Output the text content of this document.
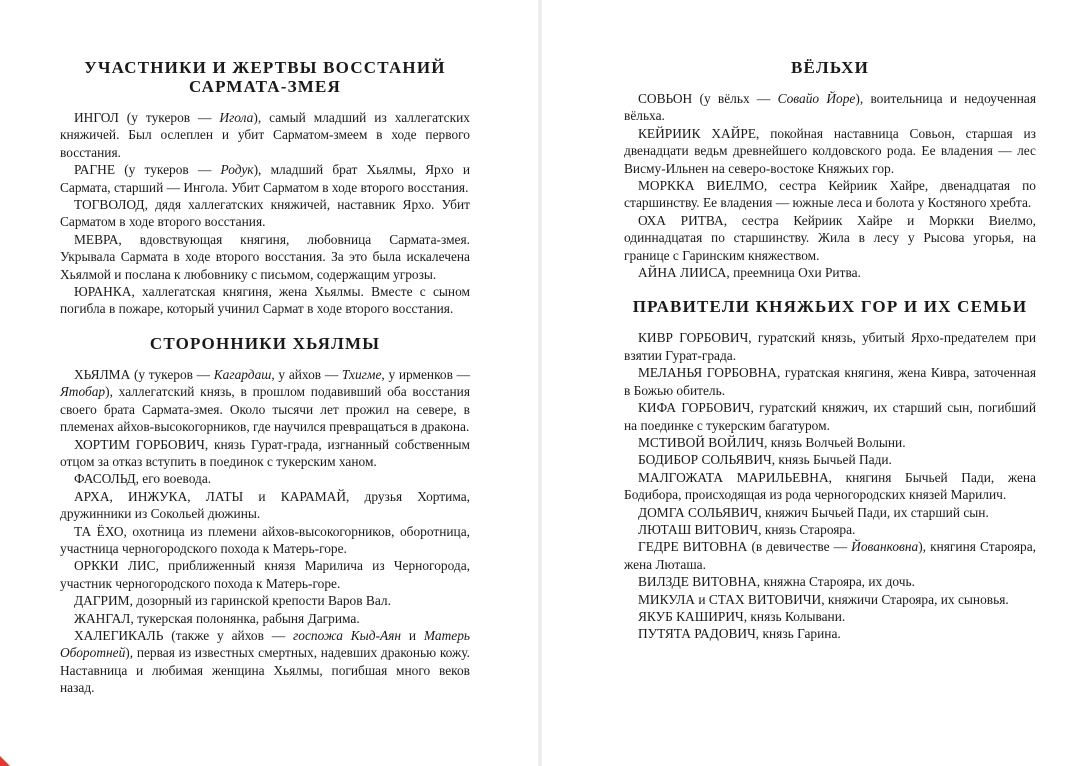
УЧАСТНИКИ И ЖЕРТВЫ ВОССТАНИЙ САРМАТА-ЗМЕЯ

ИНГОЛ (у тукеров — Игола), самый младший из халлегатских княжичей. Был ослеплен и убит Сарматом-змеем в ходе первого восстания.

РАГНЕ (у тукеров — Родук), младший брат Хьялмы, Ярхо и Сармата, старший — Ингола. Убит Сарматом в ходе второго восстания.

ТОГВОЛОД, дядя халлегатских княжичей, наставник Ярхо. Убит Сарматом в ходе второго восстания.

МЕВРА, вдовствующая княгиня, любовница Сармата-змея. Укрывала Сармата в ходе второго восстания. За это была искалечена Хьялмой и послана к любовнику с письмом, содержащим угрозы.

ЮРАНКА, халлегатская княгиня, жена Хьялмы. Вместе с сыном погибла в пожаре, который учинил Сармат в ходе второго восстания.

СТОРОННИКИ ХЬЯЛМЫ

ХЬЯЛМА (у тукеров — Кагардаш, у айхов — Тхигме, у ирменков — Ятобар), халлегатский князь, в прошлом подавивший оба восстания своего брата Сармата-змея. Около тысячи лет прожил на севере, в племенах айхов-высокогорников, где научился превращаться в дракона.

ХОРТИМ ГОРБОВИЧ, князь Гурат-града, изгнанный собственным отцом за отказ вступить в поединок с тукерским ханом.

ФАСОЛЬД, его воевода.

АРХА, ИНЖУКА, ЛАТЫ и КАРАМАЙ, друзья Хортима, дружинники из Сокольей дюжины.

ТА ЁХО, охотница из племени айхов-высокогорников, оборотница, участница черногородского похода к Матерь-горе.

ОРККИ ЛИС, приближенный князя Марилича из Черногорода, участник черногородского похода к Матерь-горе.

ДАГРИМ, дозорный из гаринской крепости Варов Вал.

ЖАНГАЛ, тукерская полонянка, рабыня Дагрима.

ХАЛЕГИКАЛЬ (также у айхов — госпожа Кыд-Аян и Матерь Оборотней), первая из известных смертных, надевших драконью кожу. Наставница и любимая женщина Хьялмы, погибшая много веков назад.

ВЁЛЬХИ

СОВЬОН (у вёльх — Совайо Йоре), воительница и недоученная вёльха.

КЕЙРИИК ХАЙРЕ, покойная наставница Совьон, старшая из двенадцати ведьм древнейшего колдовского рода. Ее владения — лес Висму-Ильнен на северо-востоке Княжьих гор.

МОРККА ВИЕЛМО, сестра Кейриик Хайре, двенадцатая по старшинству. Ее владения — южные леса и болота у Костяного хребта.

ОХА РИТВА, сестра Кейриик Хайре и Моркки Виелмо, одиннадцатая по старшинству. Жила в лесу у Рысова угорья, на границе с Гаринским княжеством.

АЙНА ЛИИСА, преемница Охи Ритва.

ПРАВИТЕЛИ КНЯЖЬИХ ГОР И ИХ СЕМЬИ

КИВР ГОРБОВИЧ, гуратский князь, убитый Ярхо-предателем при взятии Гурат-града.

МЕЛАНЬЯ ГОРБОВНА, гуратская княгиня, жена Кивра, заточенная в Божью обитель.

КИФА ГОРБОВИЧ, гуратский княжич, их старший сын, погибший на поединке с тукерским багатуром.

МСТИВОЙ ВОЙЛИЧ, князь Волчьей Волыни.

БОДИБОР СОЛЬЯВИЧ, князь Бычьей Пади.

МАЛГОЖАТА МАРИЛЬЕВНА, княгиня Бычьей Пади, жена Бодибора, происходящая из рода черногородских князей Марилич.

ДОМГА СОЛЬЯВИЧ, княжич Бычьей Пади, их старший сын.

ЛЮТАШ ВИТОВИЧ, князь Старояра.

ГЕДРЕ ВИТОВНА (в девичестве — Йованковна), княгиня Старояра, жена Люташа.

ВИЛЗДЕ ВИТОВНА, княжна Старояра, их дочь.

МИКУЛА и СТАХ ВИТОВИЧИ, княжичи Старояра, их сыновья.

ЯКУБ КАШИРИЧ, князь Колывани.

ПУТЯТА РАДОВИЧ, князь Гарина.
